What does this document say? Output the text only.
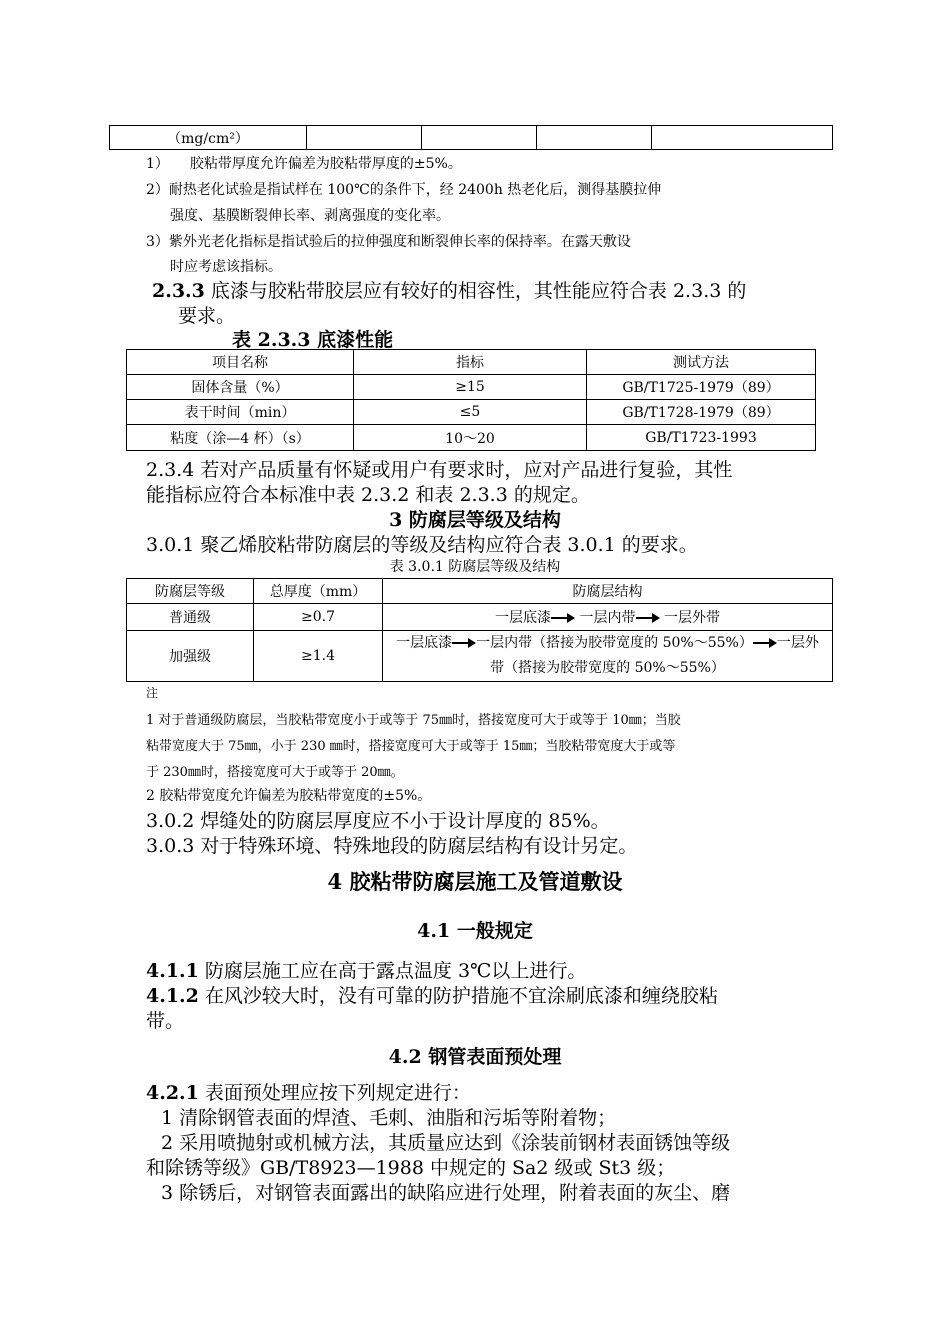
（mg/cm²）				
1）　　胶粘带厚度允许偏差为胶粘带厚度的±5%。
2）耐热老化试验是指试样在 100℃的条件下，经 2400h 热老化后，测得基膜拉伸
强度、基膜断裂伸长率、剥离强度的变化率。
3）紫外光老化指标是指试验后的拉伸强度和断裂伸长率的保持率。在露天敷设
时应考虑该指标。
2.3.3 底漆与胶粘带胶层应有较好的相容性，其性能应符合表 2.3.3 的
要求。
表 2.3.3 底漆性能
项目名称	指标	测试方法
固体含量（%）	≥15	GB/T1725-1979（89）
表干时间（min）	≤5	GB/T1728-1979（89）
粘度（涂—4 杯）（s）	10～20	GB/T1723-1993
2.3.4 若对产品质量有怀疑或用户有要求时，应对产品进行复验，其性
能指标应符合本标准中表 2.3.2 和表 2.3.3 的规定。
3 防腐层等级及结构
3.0.1 聚乙烯胶粘带防腐层的等级及结构应符合表 3.0.1 的要求。
表 3.0.1 防腐层等级及结构
防腐层等级	总厚度（mm）	防腐层结构
普通级	≥0.7	一层底漆 一层内带 一层外带
加强级	≥1.4	一层底漆 一层内带（搭接为胶带宽度的 50%～55%） 一层外
带（搭接为胶带宽度的 50%～55%）
注
1 对于普通级防腐层，当胶粘带宽度小于或等于 75㎜时，搭接宽度可大于或等于 10㎜；当胶
粘带宽度大于 75㎜，小于 230 ㎜时，搭接宽度可大于或等于 15㎜；当胶粘带宽度大于或等
于 230㎜时，搭接宽度可大于或等于 20㎜。
2 胶粘带宽度允许偏差为胶粘带宽度的±5%。
3.0.2 焊缝处的防腐层厚度应不小于设计厚度的 85%。
3.0.3 对于特殊环境、特殊地段的防腐层结构有设计另定。
4 胶粘带防腐层施工及管道敷设
4.1 一般规定
4.1.1 防腐层施工应在高于露点温度 3℃以上进行。
4.1.2 在风沙较大时，没有可靠的防护措施不宜涂刷底漆和缠绕胶粘
带。
4.2 钢管表面预处理
4.2.1 表面预处理应按下列规定进行：
1 清除钢管表面的焊渣、毛刺、油脂和污垢等附着物；
2 采用喷抛射或机械方法，其质量应达到《涂装前钢材表面锈蚀等级
和除锈等级》GB/T8923—1988 中规定的 Sa2 级或 St3 级；
3 除锈后，对钢管表面露出的缺陷应进行处理，附着表面的灰尘、磨
